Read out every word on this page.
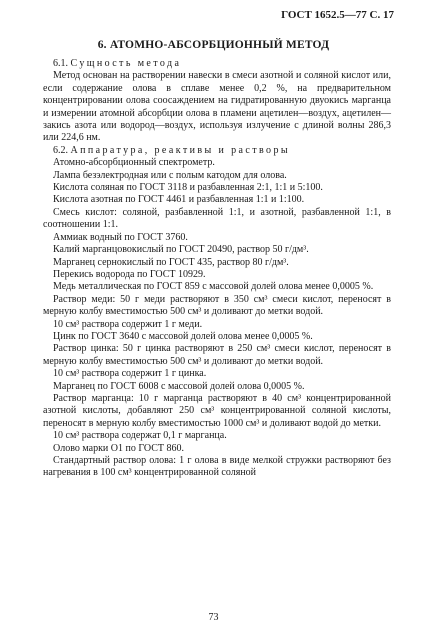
ГОСТ 1652.5—77 С. 17
6. АТОМНО-АБСОРБЦИОННЫЙ МЕТОД

6.1. Сущность метода

Метод основан на растворении навески в смеси азотной и соляной кислот или, если содержание олова в сплаве менее 0,2 %, на предварительном концентрировании олова соосаждением на гидратированную двуокись марганца и измерении атомной абсорбции олова в пламени ацетилен—воздух, ацетилен—закись азота или водород—воздух, используя излучение с длиной волны 286,3 или 224,6 нм.

6.2. Аппаратура, реактивы и растворы

Атомно-абсорбционный спектрометр.

Лампа безэлектродная или с полым катодом для олова.

Кислота соляная по ГОСТ 3118 и разбавленная 2:1, 1:1 и 5:100.

Кислота азотная по ГОСТ 4461 и разбавленная 1:1 и 1:100.

Смесь кислот: соляной, разбавленной 1:1, и азотной, разбавленной 1:1, в соотношении 1:1.

Аммиак водный по ГОСТ 3760.

Калий марганцовокислый по ГОСТ 20490, раствор 50 г/дм³.

Марганец сернокислый по ГОСТ 435, раствор 80 г/дм³.

Перекись водорода по ГОСТ 10929.

Медь металлическая по ГОСТ 859 с массовой долей олова менее 0,0005 %.

Раствор меди: 50 г меди растворяют в 350 см³ смеси кислот, переносят в мерную колбу вместимостью 500 см³ и доливают до метки водой.

10 см³ раствора содержит 1 г меди.

Цинк по ГОСТ 3640 с массовой долей олова менее 0,0005 %.

Раствор цинка: 50 г цинка растворяют в 250 см³ смеси кислот, переносят в мерную колбу вместимостью 500 см³ и доливают до метки водой.

10 см³ раствора содержит 1 г цинка.

Марганец по ГОСТ 6008 с массовой долей олова 0,0005 %.

Раствор марганца: 10 г марганца растворяют в 40 см³ концентрированной азотной кислоты, добавляют 250 см³ концентрированной соляной кислоты, переносят в мерную колбу вместимостью 1000 см³ и доливают водой до метки.

10 см³ раствора содержат 0,1 г марганца.

Олово марки О1 по ГОСТ 860.

Стандартный раствор олова: 1 г олова в виде мелкой стружки растворяют без нагревания в 100 см³ концентрированной соляной

73
